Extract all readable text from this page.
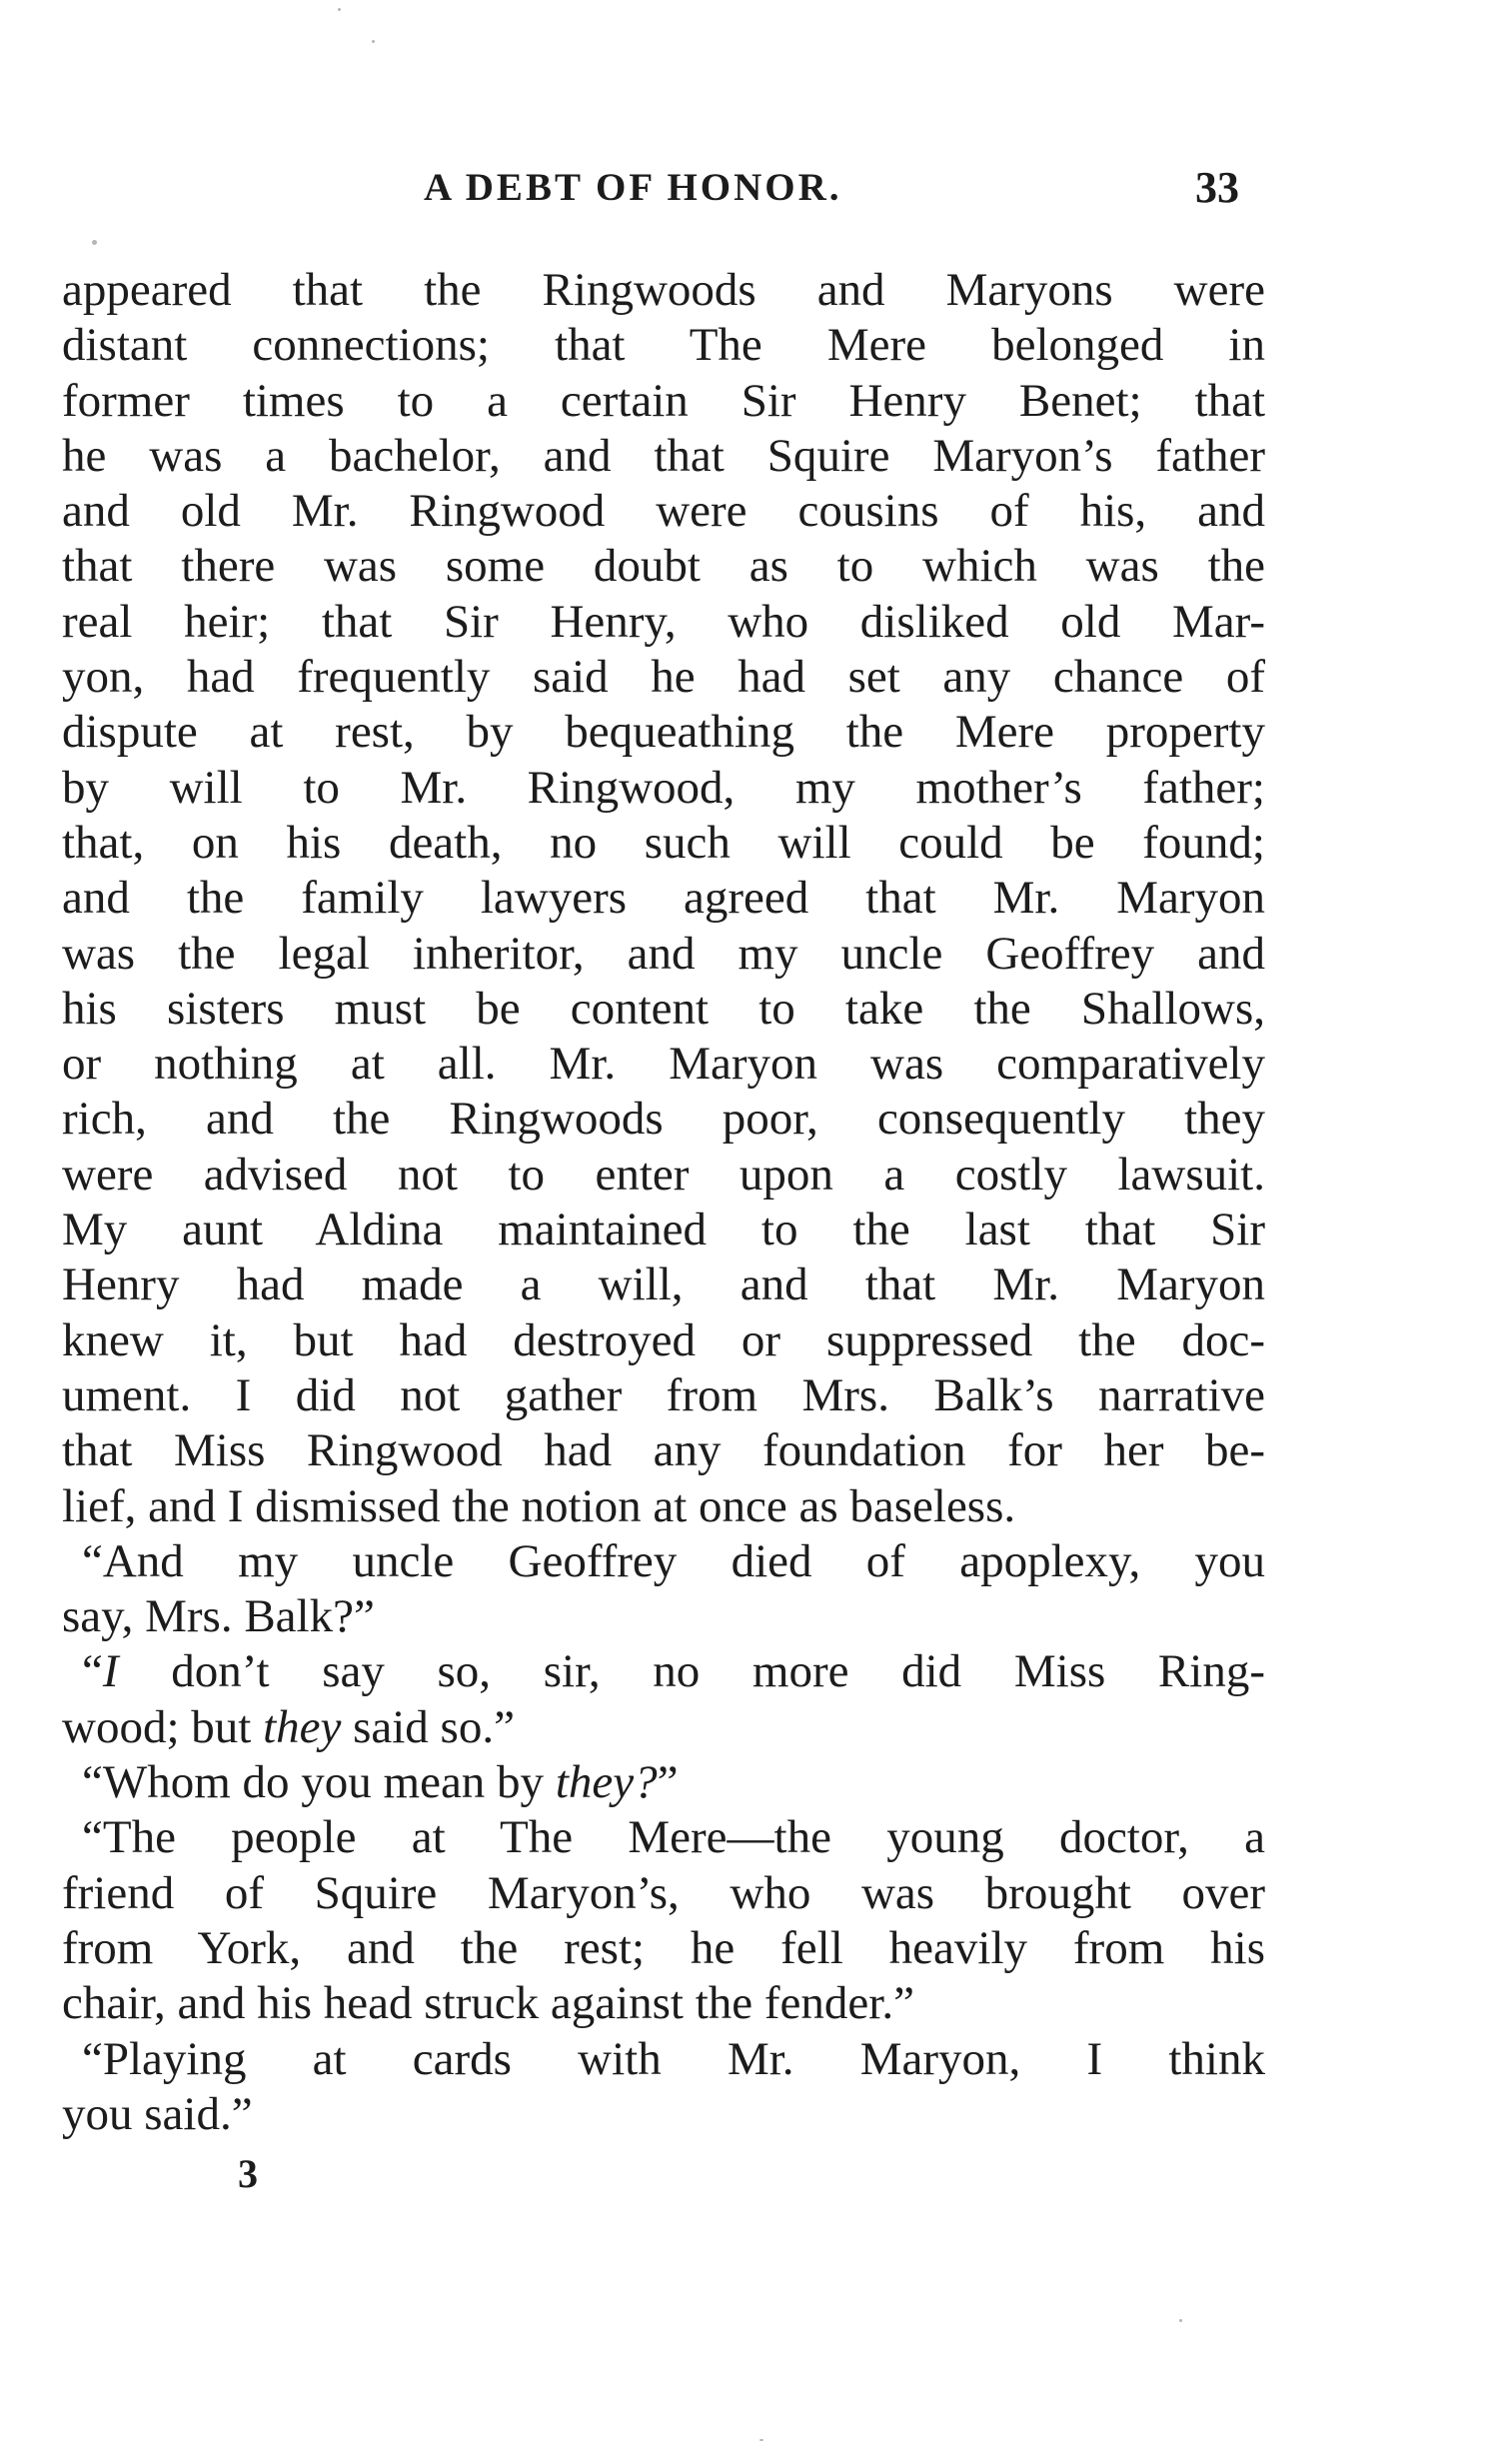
A DEBT OF HONOR.	33
appeared that the Ringwoods and Maryons were
distant connections; that The Mere belonged in
former times to a certain Sir Henry Benet; that
he was a bachelor, and that Squire Maryon’s father
and old Mr. Ringwood were cousins of his, and
that there was some doubt as to which was the
real heir; that Sir Henry, who disliked old Mar-
yon, had frequently said he had set any chance of
dispute at rest, by bequeathing the Mere property
by will to Mr. Ringwood, my mother’s father;
that, on his death, no such will could be found;
and the family lawyers agreed that Mr. Maryon
was the legal inheritor, and my uncle Geoffrey and
his sisters must be content to take the Shallows,
or nothing at all. Mr. Maryon was comparatively
rich, and the Ringwoods poor, consequently they
were advised not to enter upon a costly lawsuit.
My aunt Aldina maintained to the last that Sir
Henry had made a will, and that Mr. Maryon
knew it, but had destroyed or suppressed the doc-
ument. I did not gather from Mrs. Balk’s narrative
that Miss Ringwood had any foundation for her be-
lief, and I dismissed the notion at once as baseless.
“And my uncle Geoffrey died of apoplexy, you
say, Mrs. Balk?”
“I don’t say so, sir, no more did Miss Ring-
wood; but they said so.”
“Whom do you mean by they?”
“The people at The Mere—the young doctor, a
friend of Squire Maryon’s, who was brought over
from York, and the rest; he fell heavily from his
chair, and his head struck against the fender.”
“Playing at cards with Mr. Maryon, I think
you said.”
3
